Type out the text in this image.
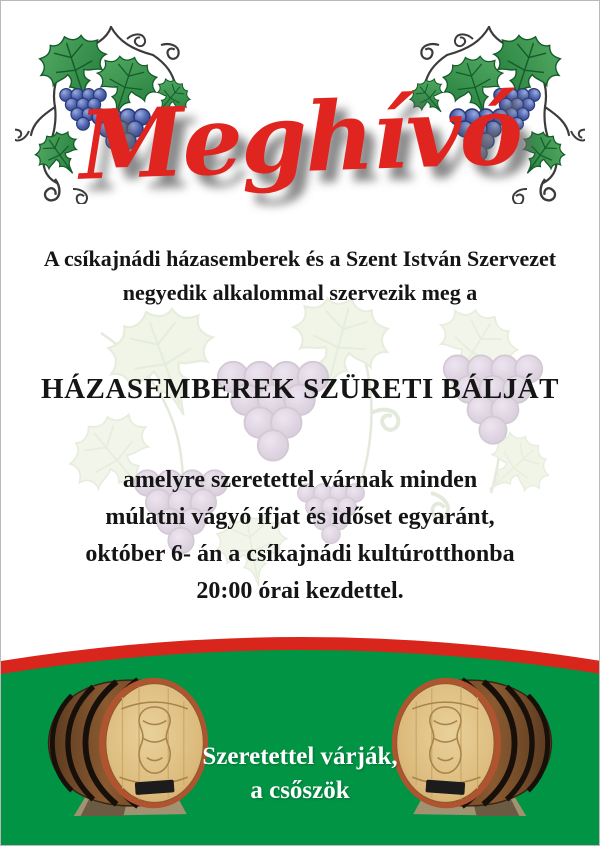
Meghívó

A csíkajnádi házasemberek és a Szent István Szervezet
negyedik alkalommal szervezik meg a

HÁZASEMBEREK SZÜRETI BÁLJÁT

amelyre szeretettel várnak minden
múlatni vágyó ífjat és időset egyaránt,
október 6- án a csíkajnádi kultúrotthonba
20:00 órai kezdettel.

Szeretettel várják,
a csőszök
